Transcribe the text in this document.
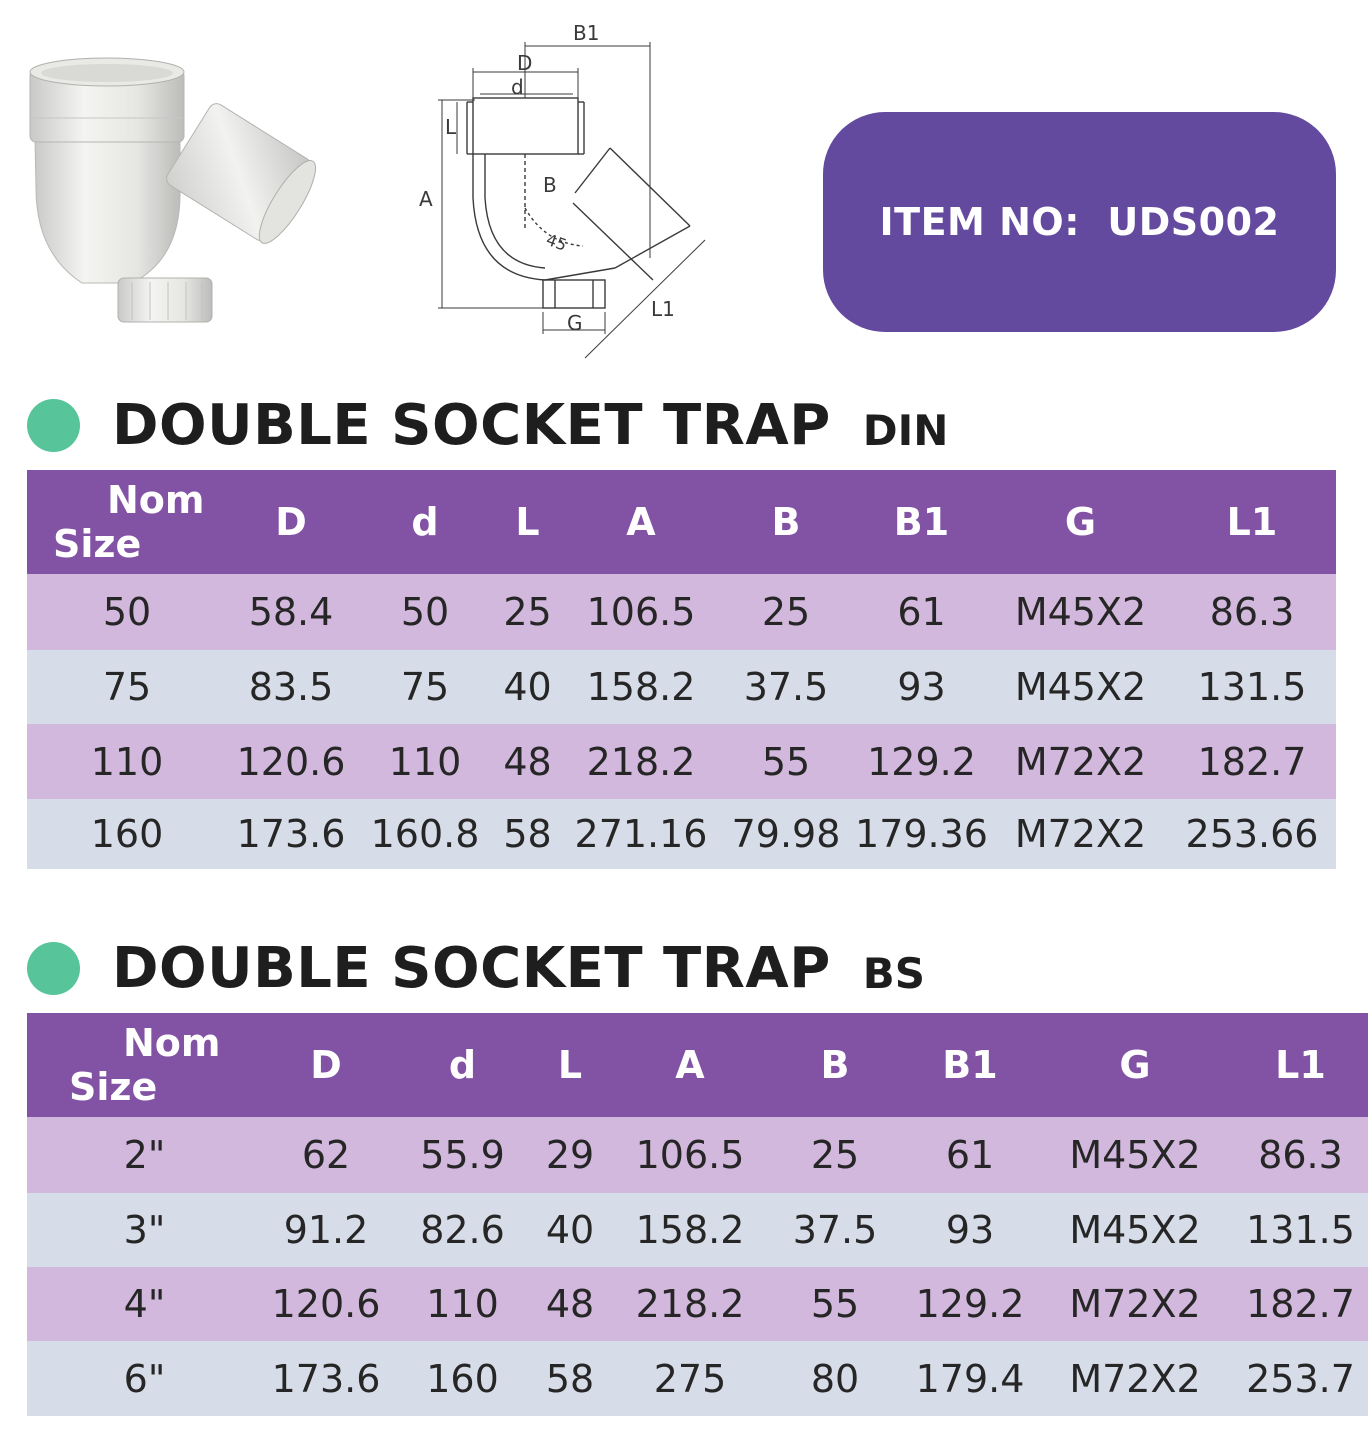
B1
D
d
L
A
B
45
G
L1
ITEM NO:  UDS002
DOUBLE SOCKET TRAP DIN
Nom
Size	D	d	L	A	B	B1	G	L1
50	58.4	50	25	106.5	25	61	M45X2	86.3
75	83.5	75	40	158.2	37.5	93	M45X2	131.5
110	120.6	110	48	218.2	55	129.2	M72X2	182.7
160	173.6	160.8	58	271.16	79.98	179.36	M72X2	253.66
DOUBLE SOCKET TRAP BS
Nom
Size	D	d	L	A	B	B1	G	L1
2"	62	55.9	29	106.5	25	61	M45X2	86.3
3"	91.2	82.6	40	158.2	37.5	93	M45X2	131.5
4"	120.6	110	48	218.2	55	129.2	M72X2	182.7
6"	173.6	160	58	275	80	179.4	M72X2	253.7
